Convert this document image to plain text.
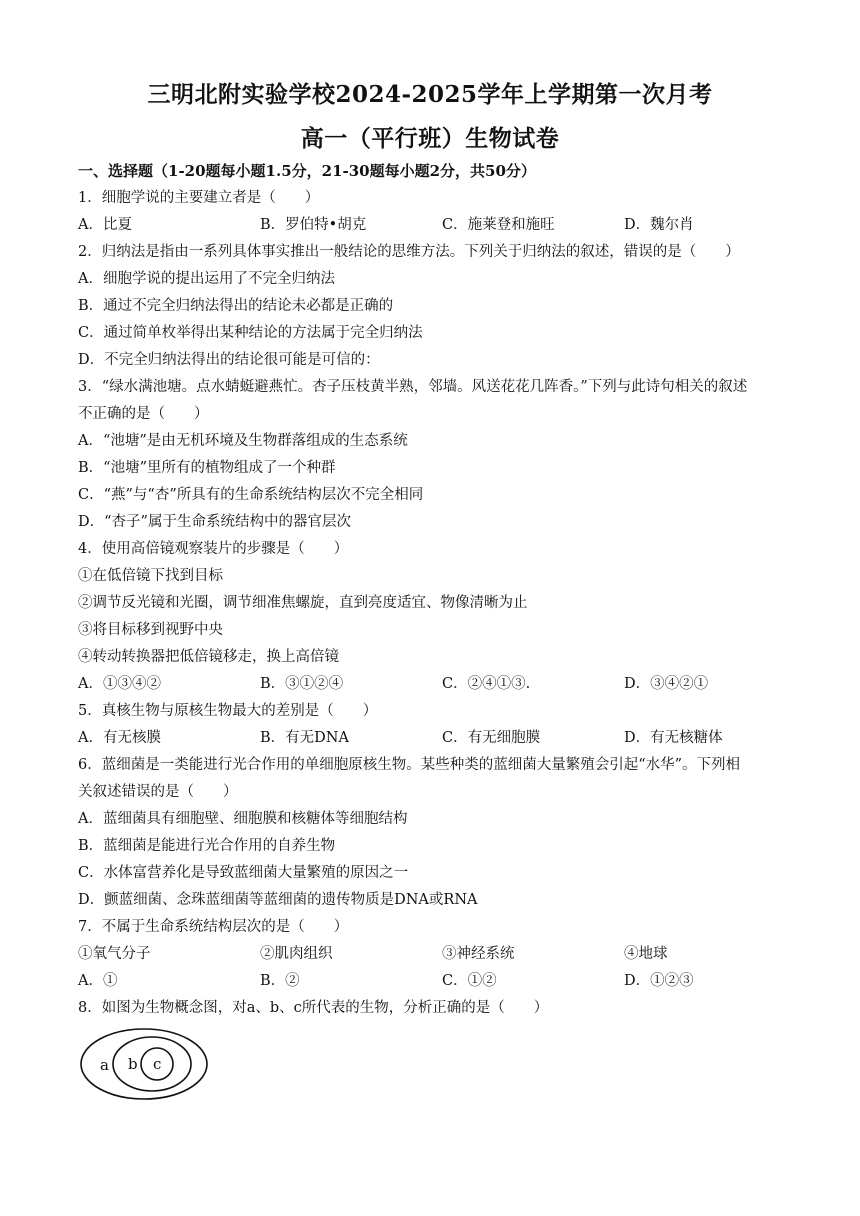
三明北附实验学校2024-2025学年上学期第一次月考
高一（平行班）生物试卷
一、选择题（1-20题每小题1.5分，21-30题每小题2分，共50分）
1．细胞学说的主要建立者是（　　）
A．比夏	B．罗伯特•胡克	C．施莱登和施旺	D．魏尔肖
2．归纳法是指由一系列具体事实推出一般结论的思维方法。下列关于归纳法的叙述，错误的是（　　）
A．细胞学说的提出运用了不完全归纳法
B．通过不完全归纳法得出的结论未必都是正确的
C．通过简单枚举得出某种结论的方法属于完全归纳法
D．不完全归纳法得出的结论很可能是可信的：
3．“绿水满池塘。点水蜻蜓避燕忙。杏子压枝黄半熟，邻墙。风送花花几阵香。”下列与此诗句相关的叙述
不正确的是（　　）
A．“池塘”是由无机环境及生物群落组成的生态系统
B．“池塘”里所有的植物组成了一个种群
C．“燕”与“杏”所具有的生命系统结构层次不完全相同
D．“杏子”属于生命系统结构中的器官层次
4．使用高倍镜观察装片的步骤是（　　）
①在低倍镜下找到目标
②调节反光镜和光圈，调节细准焦螺旋，直到亮度适宜、物像清晰为止
③将目标移到视野中央
④转动转换器把低倍镜移走，换上高倍镜
A．①③④②	B．③①②④	C．②④①③.	D．③④②①
5．真核生物与原核生物最大的差别是（　　）
A．有无核膜	B．有无DNA	C．有无细胞膜	D．有无核糖体
6．蓝细菌是一类能进行光合作用的单细胞原核生物。某些种类的蓝细菌大量繁殖会引起“水华”。下列相
关叙述错误的是（　　）
A．蓝细菌具有细胞壁、细胞膜和核糖体等细胞结构
B．蓝细菌是能进行光合作用的自养生物
C．水体富营养化是导致蓝细菌大量繁殖的原因之一
D．颤蓝细菌、念珠蓝细菌等蓝细菌的遗传物质是DNA或RNA
7．不属于生命系统结构层次的是（　　）
①氧气分子	②肌肉组织	③神经系统	④地球
A．①	B．②	C．①②	D．①②③
8．如图为生物概念图，对a、b、c所代表的生物，分析正确的是（　　）
a b c
